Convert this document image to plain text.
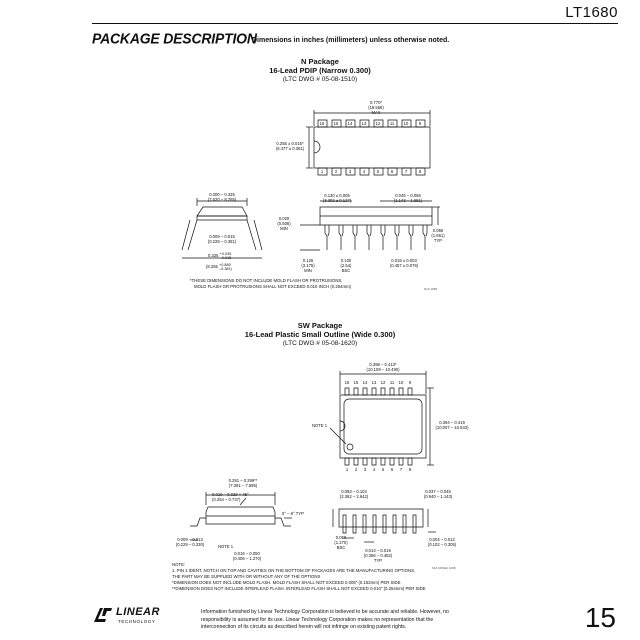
LT1680
PACKAGE DESCRIPTION
Dimensions in inches (millimeters) unless otherwise noted.
N Package
16-Lead PDIP (Narrow 0.300)
(LTC DWG # 05-08-1510)
0.770*
(19.558)
MAX
0.255 ± 0.015*
(6.477 ± 0.381)
16	15	14	13	12	11	10	9
1	2	3	4	5	6	7	8
0.300 – 0.325
(7.620 – 8.255)
0.009 – 0.015
(0.229 – 0.381)
0.325 +0.035
–0.015
(8.255 +0.889
–0.381)
0.130 ± 0.005
(3.302 ± 0.127)
0.045 – 0.065
(1.143 – 1.651)
0.020
(0.508)
MIN	0.065
(1.651)
TYP
0.125
(3.175)
MIN
0.100
(2.54)
BSC
0.018 ± 0.003
(0.457 ± 0.076)
*THESE DIMENSIONS DO NOT INCLUDE MOLD FLASH OR PROTRUSIONS.
MOLD FLASH OR PROTRUSIONS SHALL NOT EXCEED 0.010 INCH (0.254mm)	N16 1098
SW Package
16-Lead Plastic Small Outline (Wide 0.300)
(LTC DWG # 05-08-1620)
0.398 – 0.413*
(10.109 – 10.490)
16	15	14	13	12	11	10	9
1	2	3	4	5	6	7	8
0.394 – 0.419
(10.007 – 10.643)
NOTE 1
0.291 – 0.299**
(7.391 – 7.595)
0.010 – 0.029 × 45°
(0.254 – 0.737)
0° – 8° TYP
0.009 – 0.013
(0.229 – 0.330)	NOTE 1
0.016 – 0.050
(0.406 – 1.270)
0.093 – 0.104
(2.362 – 2.642)
0.037 – 0.045
(0.940 – 1.143)
0.050
(1.270)
BSC
0.014 – 0.019
(0.356 – 0.482)
TYP
0.004 – 0.012
(0.102 – 0.305)
NOTE:
1. PIN 1 IDENT, NOTCH ON TOP AND CAVITIES ON THE BOTTOM OF PACKAGES ARE THE MANUFACTURING OPTIONS.
THE PART MAY BE SUPPLIED WITH OR WITHOUT ANY OF THE OPTIONS
*DIMENSION DOES NOT INCLUDE MOLD FLASH. MOLD FLASH SHALL NOT EXCEED 0.006" (0.152mm) PER SIDE
**DIMENSION DOES NOT INCLUDE INTERLEAD FLASH. INTERLEAD FLASH SHALL NOT EXCEED 0.010" (0.254mm) PER SIDE
S16 (WIDE) 1098
LINEAR
TECHNOLOGY
Information furnished by Linear Technology Corporation is believed to be accurate and reliable. However, no responsibility is assumed for its use. Linear Technology Corporation makes no representation that the interconnection of its circuits as described herein will not infringe on existing patent rights.	15
